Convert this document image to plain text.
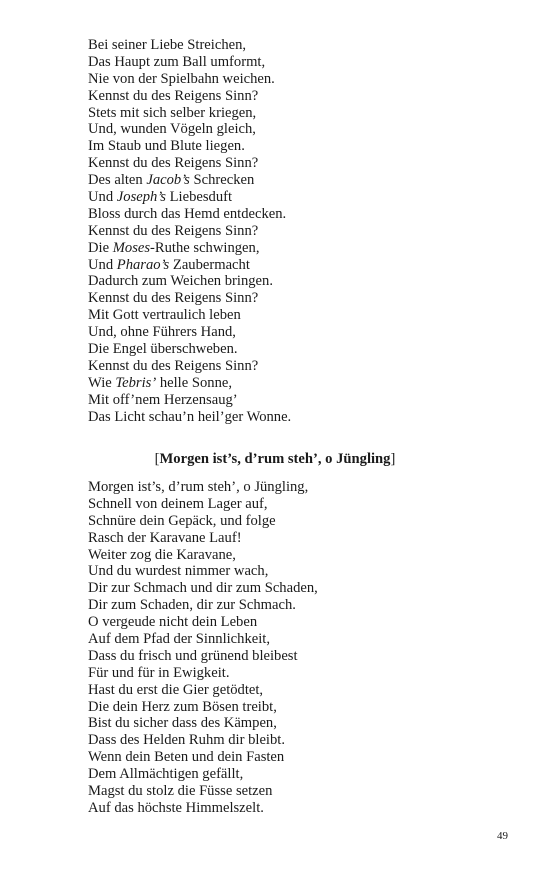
Bei seiner Liebe Streichen,
Das Haupt zum Ball umformt,
Nie von der Spielbahn weichen.
Kennst du des Reigens Sinn?
Stets mit sich selber kriegen,
Und, wunden Vögeln gleich,
Im Staub und Blute liegen.
Kennst du des Reigens Sinn?
Des alten Jacob’s Schrecken
Und Joseph’s Liebesduft
Bloss durch das Hemd entdecken.
Kennst du des Reigens Sinn?
Die Moses-Ruthe schwingen,
Und Pharao’s Zaubermacht
Dadurch zum Weichen bringen.
Kennst du des Reigens Sinn?
Mit Gott vertraulich leben
Und, ohne Führers Hand,
Die Engel überschweben.
Kennst du des Reigens Sinn?
Wie Tebris’ helle Sonne,
Mit off’nem Herzensaug’
Das Licht schau’n heil’ger Wonne.
[Morgen ist’s, d’rum steh’, o Jüngling]
Morgen ist’s, d’rum steh’, o Jüngling,
Schnell von deinem Lager auf,
Schnüre dein Gepäck, und folge
Rasch der Karavane Lauf!
Weiter zog die Karavane,
Und du wurdest nimmer wach,
Dir zur Schmach und dir zum Schaden,
Dir zum Schaden, dir zur Schmach.
O vergeude nicht dein Leben
Auf dem Pfad der Sinnlichkeit,
Dass du frisch und grünend bleibest
Für und für in Ewigkeit.
Hast du erst die Gier getödtet,
Die dein Herz zum Bösen treibt,
Bist du sicher dass des Kämpen,
Dass des Helden Ruhm dir bleibt.
Wenn dein Beten und dein Fasten
Dem Allmächtigen gefällt,
Magst du stolz die Füsse setzen
Auf das höchste Himmelszelt.
49
